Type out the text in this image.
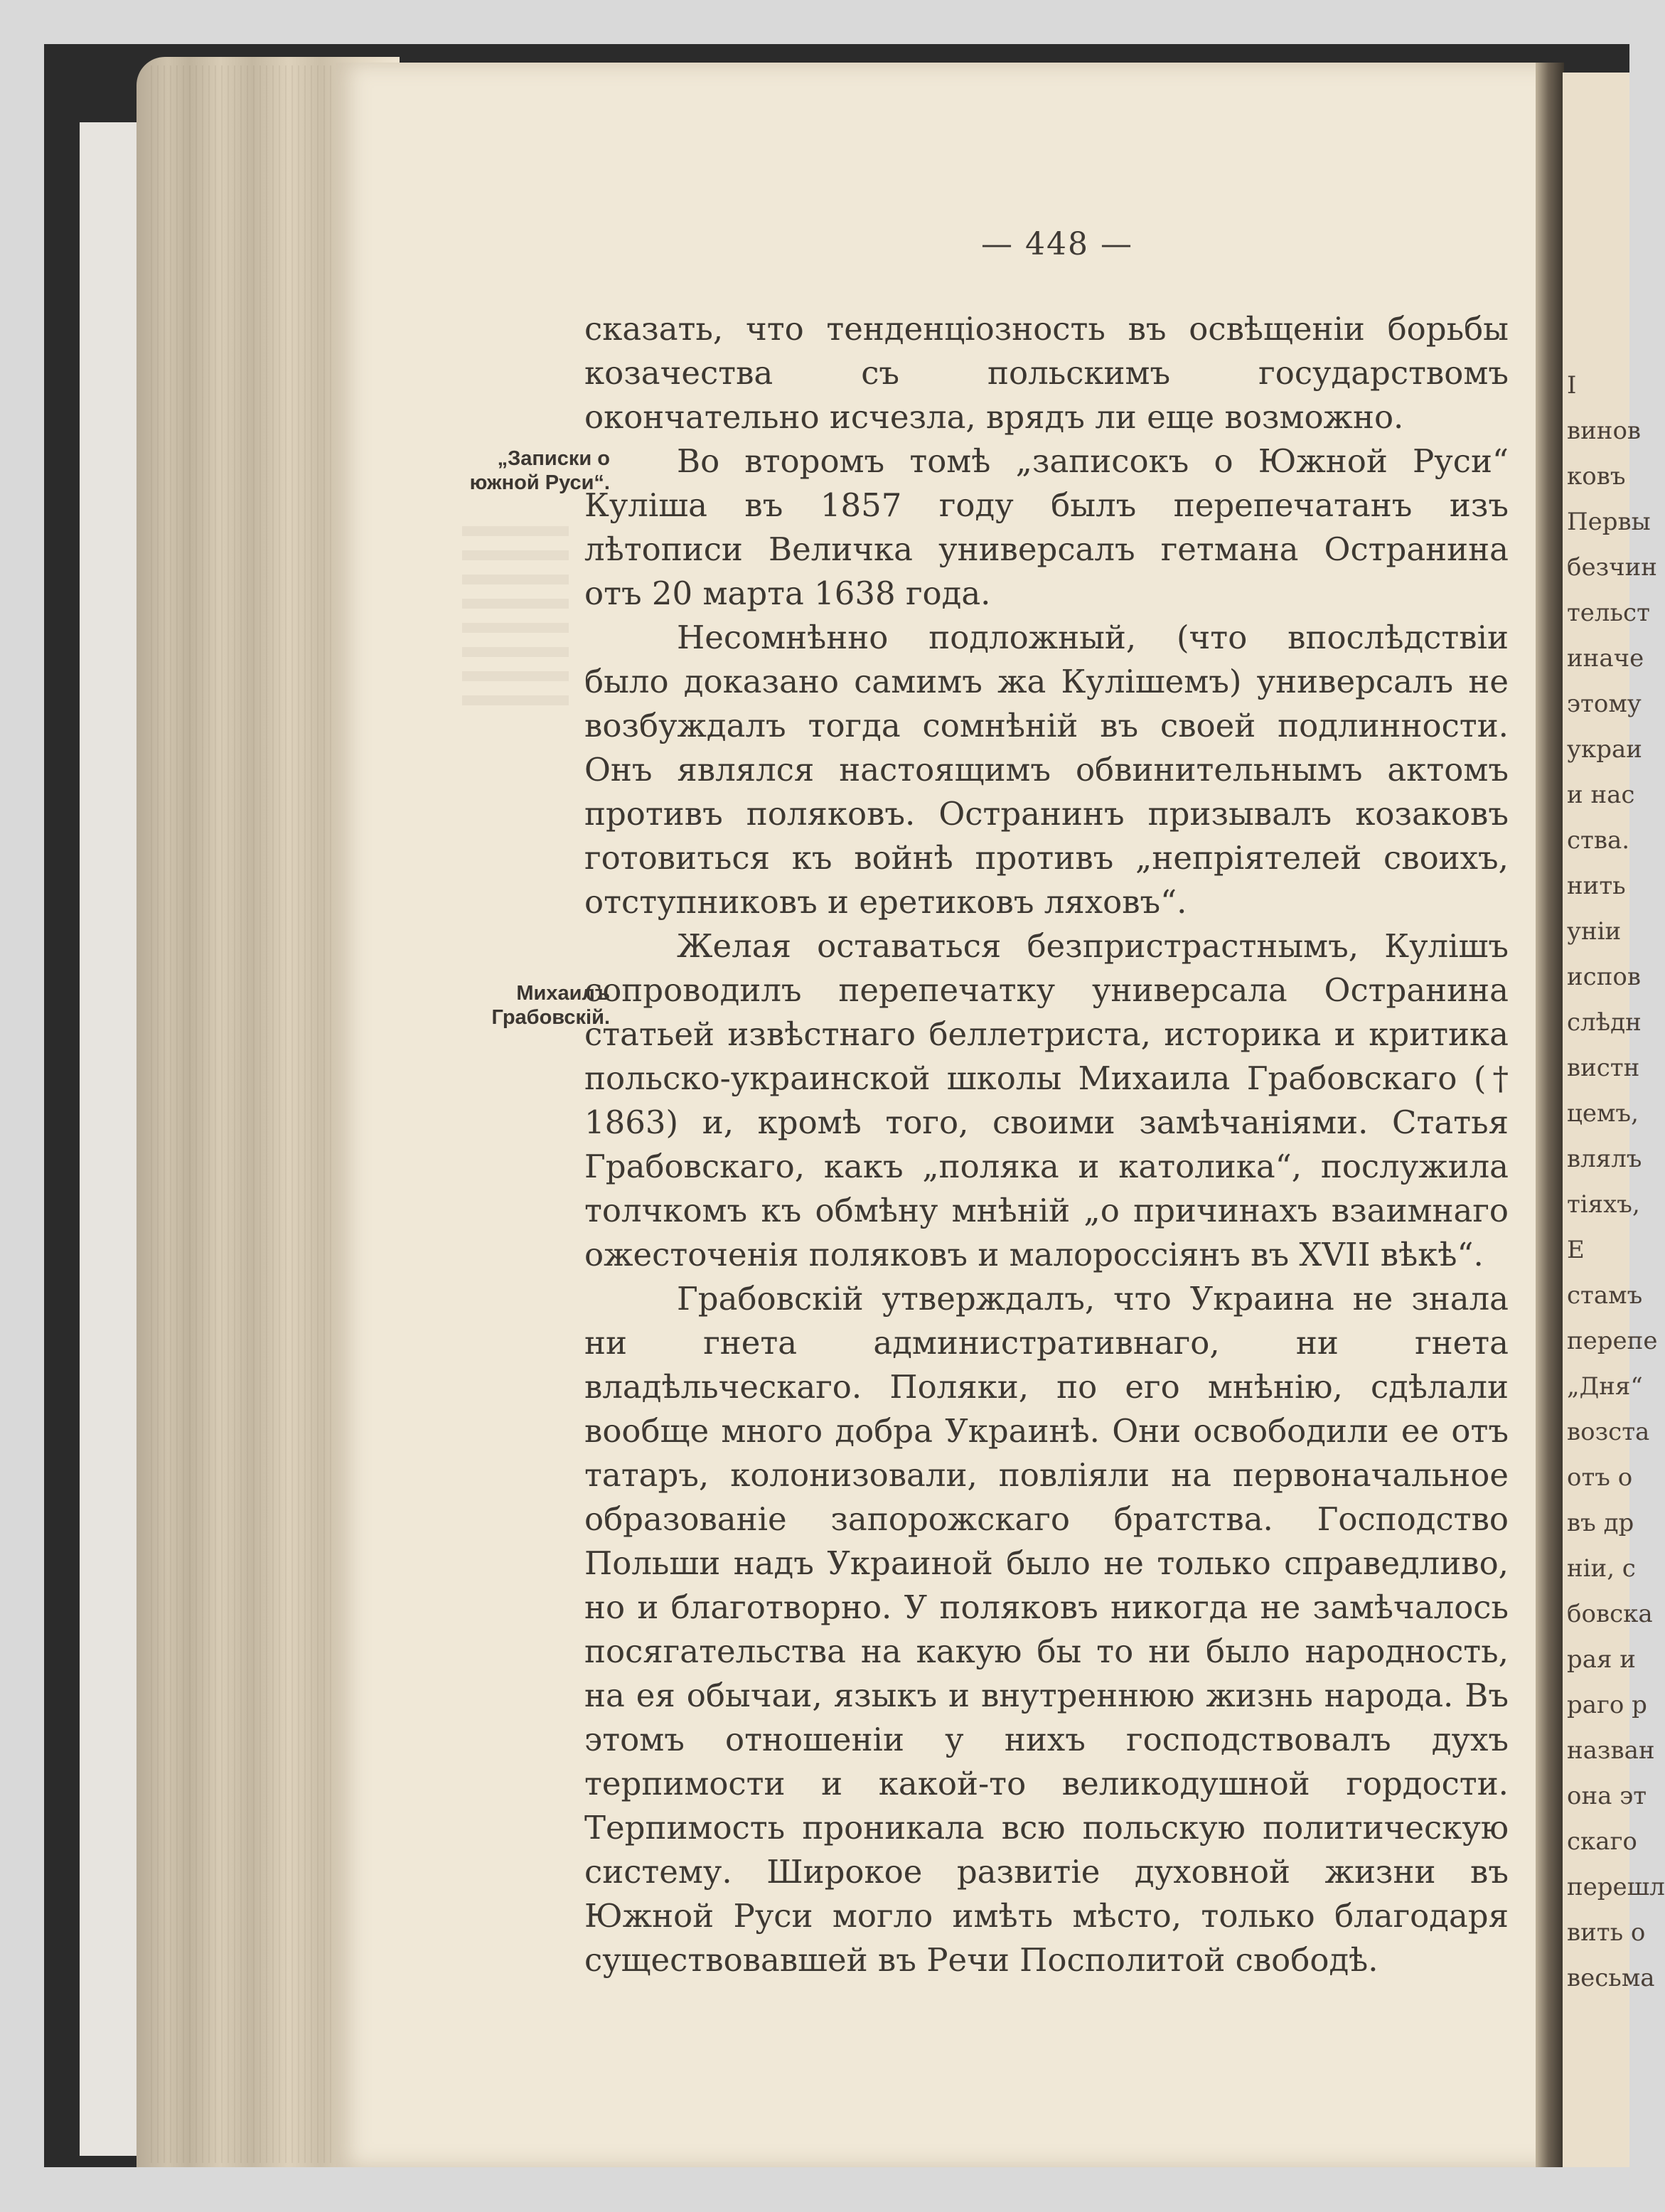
І
винов
ковъ
Первы
безчин
тельст
иначе
этому
украи
и нас
ства.
нить
уніи
испов
слѣдн
вистн
цемъ,
влялъ
тіяхъ,
Е
стамъ
перепе
„Дня“
возста
отъ о
въ др
ніи, с
бовска
рая и
раго р
назван
она эт
скаго
перешл
вить о
весьма
— 448 —
„Записки о южной Руси“.
Михаилъ Грабовскій.

сказать, что тенденціозность въ освѣщеніи борьбы козачества съ польскимъ государствомъ окончательно исчезла, врядъ ли еще возможно.

Во второмъ томѣ „записокъ о Южной Руси“ Кулiша въ 1857 году былъ перепечатанъ изъ лѣтописи Величка универсалъ гетмана Остранина отъ 20 марта 1638 года.

Несомнѣнно подложный, (что впослѣдствіи было доказано самимъ жа Кулішемъ) универсалъ не возбуждалъ тогда сомнѣній въ своей подлинности. Онъ являлся настоящимъ обвинительнымъ актомъ противъ поляковъ. Остранинъ призывалъ козаковъ готовиться къ войнѣ противъ „непріятелей своихъ, отступниковъ и еретиковъ ляховъ“.

Желая оставаться безпристрастнымъ, Кулішъ сопроводилъ перепечатку универсала Остранина статьей извѣстнаго беллетриста, историка и критика польско-украинской школы Михаила Грабовскаго († 1863) и, кромѣ того, своими замѣчаніями. Статья Грабовскаго, какъ „поляка и католика“, послужила толчкомъ къ обмѣну мнѣній „о причинахъ взаимнаго ожесточенія поляковъ и малороссіянъ въ XVII вѣкѣ“.

Грабовскій утверждалъ, что Украина не знала ни гнета административнаго, ни гнета владѣльческаго. Поляки, по его мнѣнію, сдѣлали вообще много добра Украинѣ. Они освободили ее отъ татаръ, колонизовали, повліяли на первоначальное образованіе запорожскаго братства. Господство Польши надъ Украиной было не только справедливо, но и благотворно. У поляковъ никогда не замѣчалось посягательства на какую бы то ни было народность, на ея обычаи, языкъ и внутреннюю жизнь народа. Въ этомъ отношеніи у нихъ господствовалъ духъ терпимости и какой-то великодушной гордости. Терпимость проникала всю польскую политическую систему. Широкое развитіе духовной жизни въ Южной Руси могло имѣть мѣсто, только благодаря существовавшей въ Речи Посполитой свободѣ.
